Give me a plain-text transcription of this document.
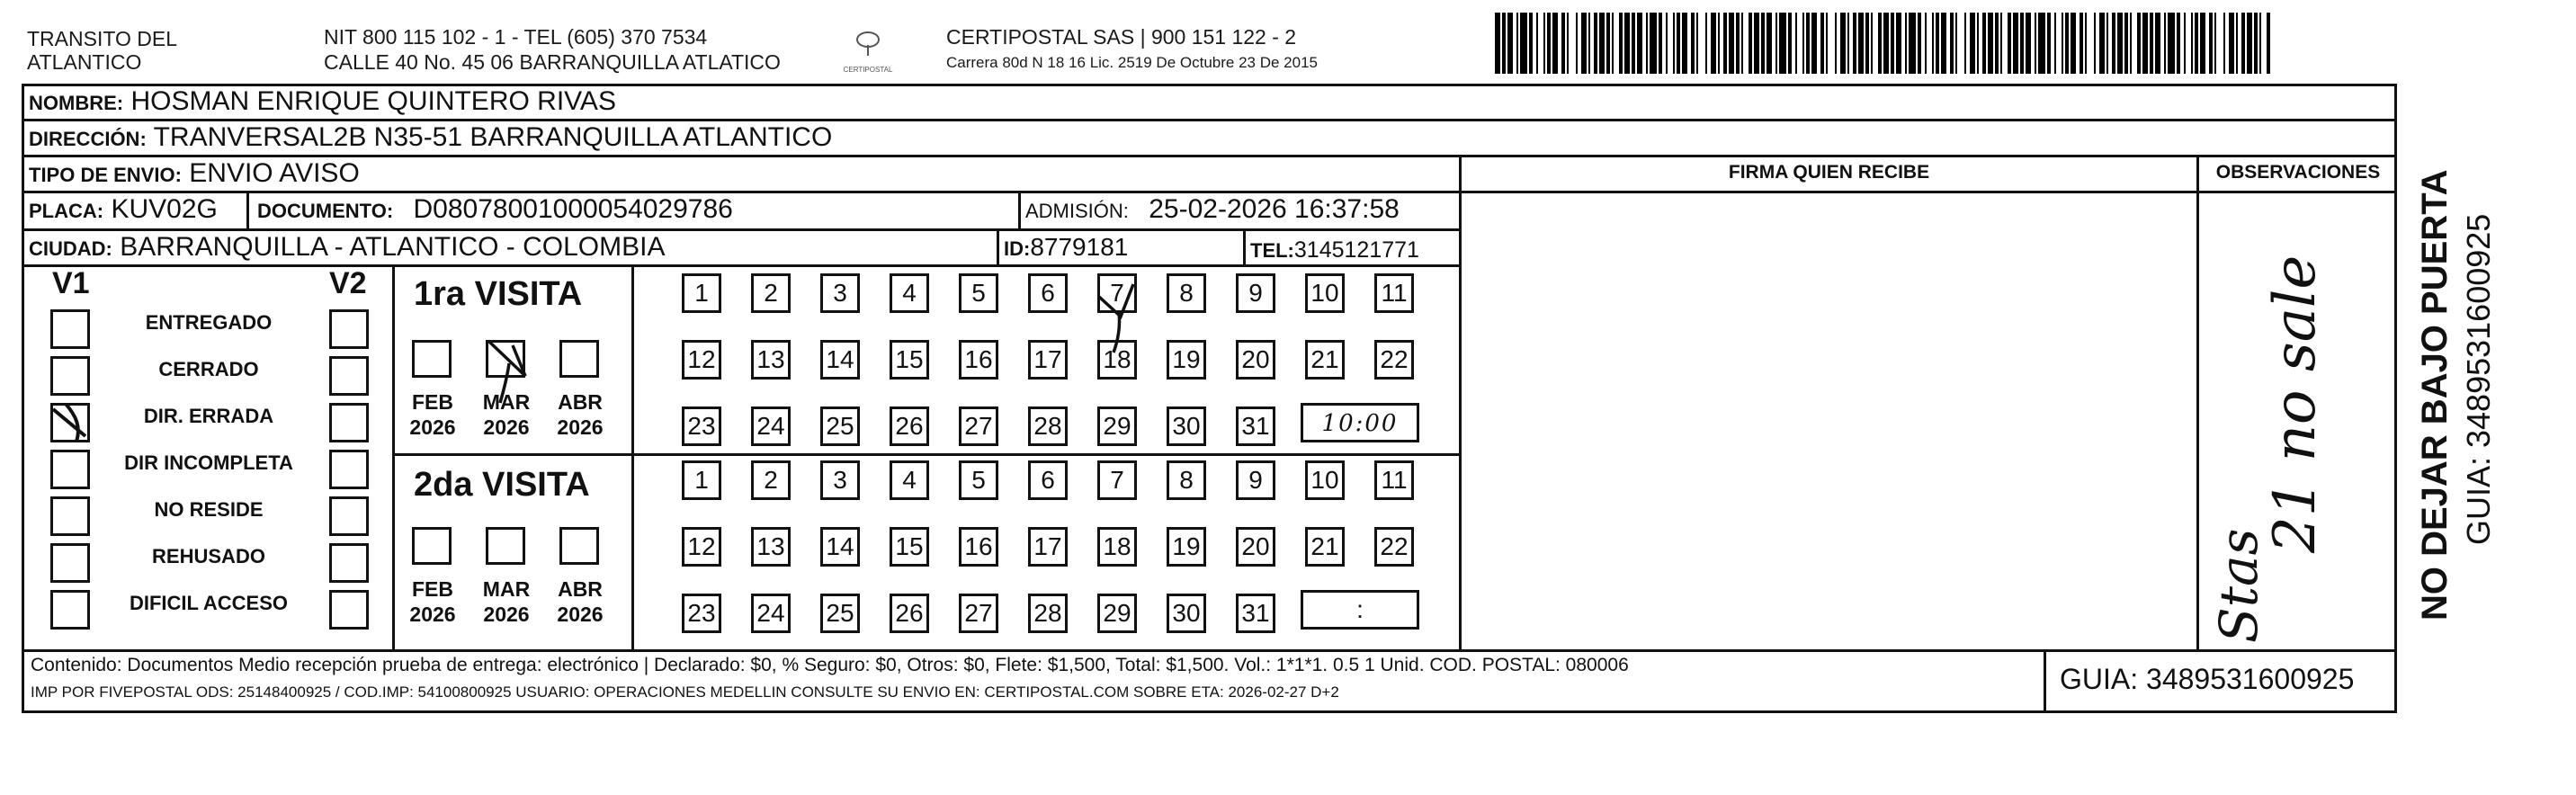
TRANSITO DEL
ATLANTICO
NIT 800 115 102 - 1 - TEL (605) 370 7534
CALLE 40 No. 45 06 BARRANQUILLA ATLATICO	CERTIPOSTAL
CERTIPOSTAL SAS | 900 151 122 - 2
Carrera 80d N 18 16 Lic. 2519 De Octubre 23 De 2015
NOMBRE: HOSMAN ENRIQUE QUINTERO RIVAS
DIRECCIÓN: TRANVERSAL2B N35-51 BARRANQUILLA ATLANTICO
TIPO DE ENVIO: ENVIO AVISO	FIRMA QUIEN RECIBE	OBSERVACIONES
PLACA: KUV02G DOCUMENTO: D08078001000054029786	ADMISIÓN: 25-02-2026 16:37:58
CIUDAD: BARRANQUILLA - ATLANTICO - COLOMBIA	ID:8779181	TEL:3145121771
V1	V2
ENTREGADO
CERRADO
DIR. ERRADA
DIR INCOMPLETA
NO RESIDE
REHUSADO
DIFICIL ACCESO
1ra VISITA
FEB
2026
MAR
2026
ABR
2026
1	2	3	4	5	6	7	8	9	10 11
12 13 14 15 16 17 18 19 20 21 22
23 24 25 26 27 28 29 30 31	10:00
2da VISITA
FEB
2026
MAR
2026
ABR
2026
1	2	3	4	5	6	7	8	9	10 11
12 13 14 15 16 17 18 19 20 21 22
23 24 25 26 27 28 29 30 31	:
21 no sale
Stas
Contenido: Documentos Medio recepción prueba de entrega: electrónico | Declarado: $0, % Seguro: $0, Otros: $0, Flete: $1,500, Total: $1,500. Vol.: 1*1*1. 0.5 1 Unid. COD. POSTAL: 080006
IMP POR FIVEPOSTAL ODS: 25148400925 / COD.IMP: 54100800925 USUARIO: OPERACIONES MEDELLIN CONSULTE SU ENVIO EN: CERTIPOSTAL.COM SOBRE ETA: 2026-02-27 D+2	GUIA: 3489531600925
NO DEJAR BAJO PUERTA GUIA: 3489531600925
